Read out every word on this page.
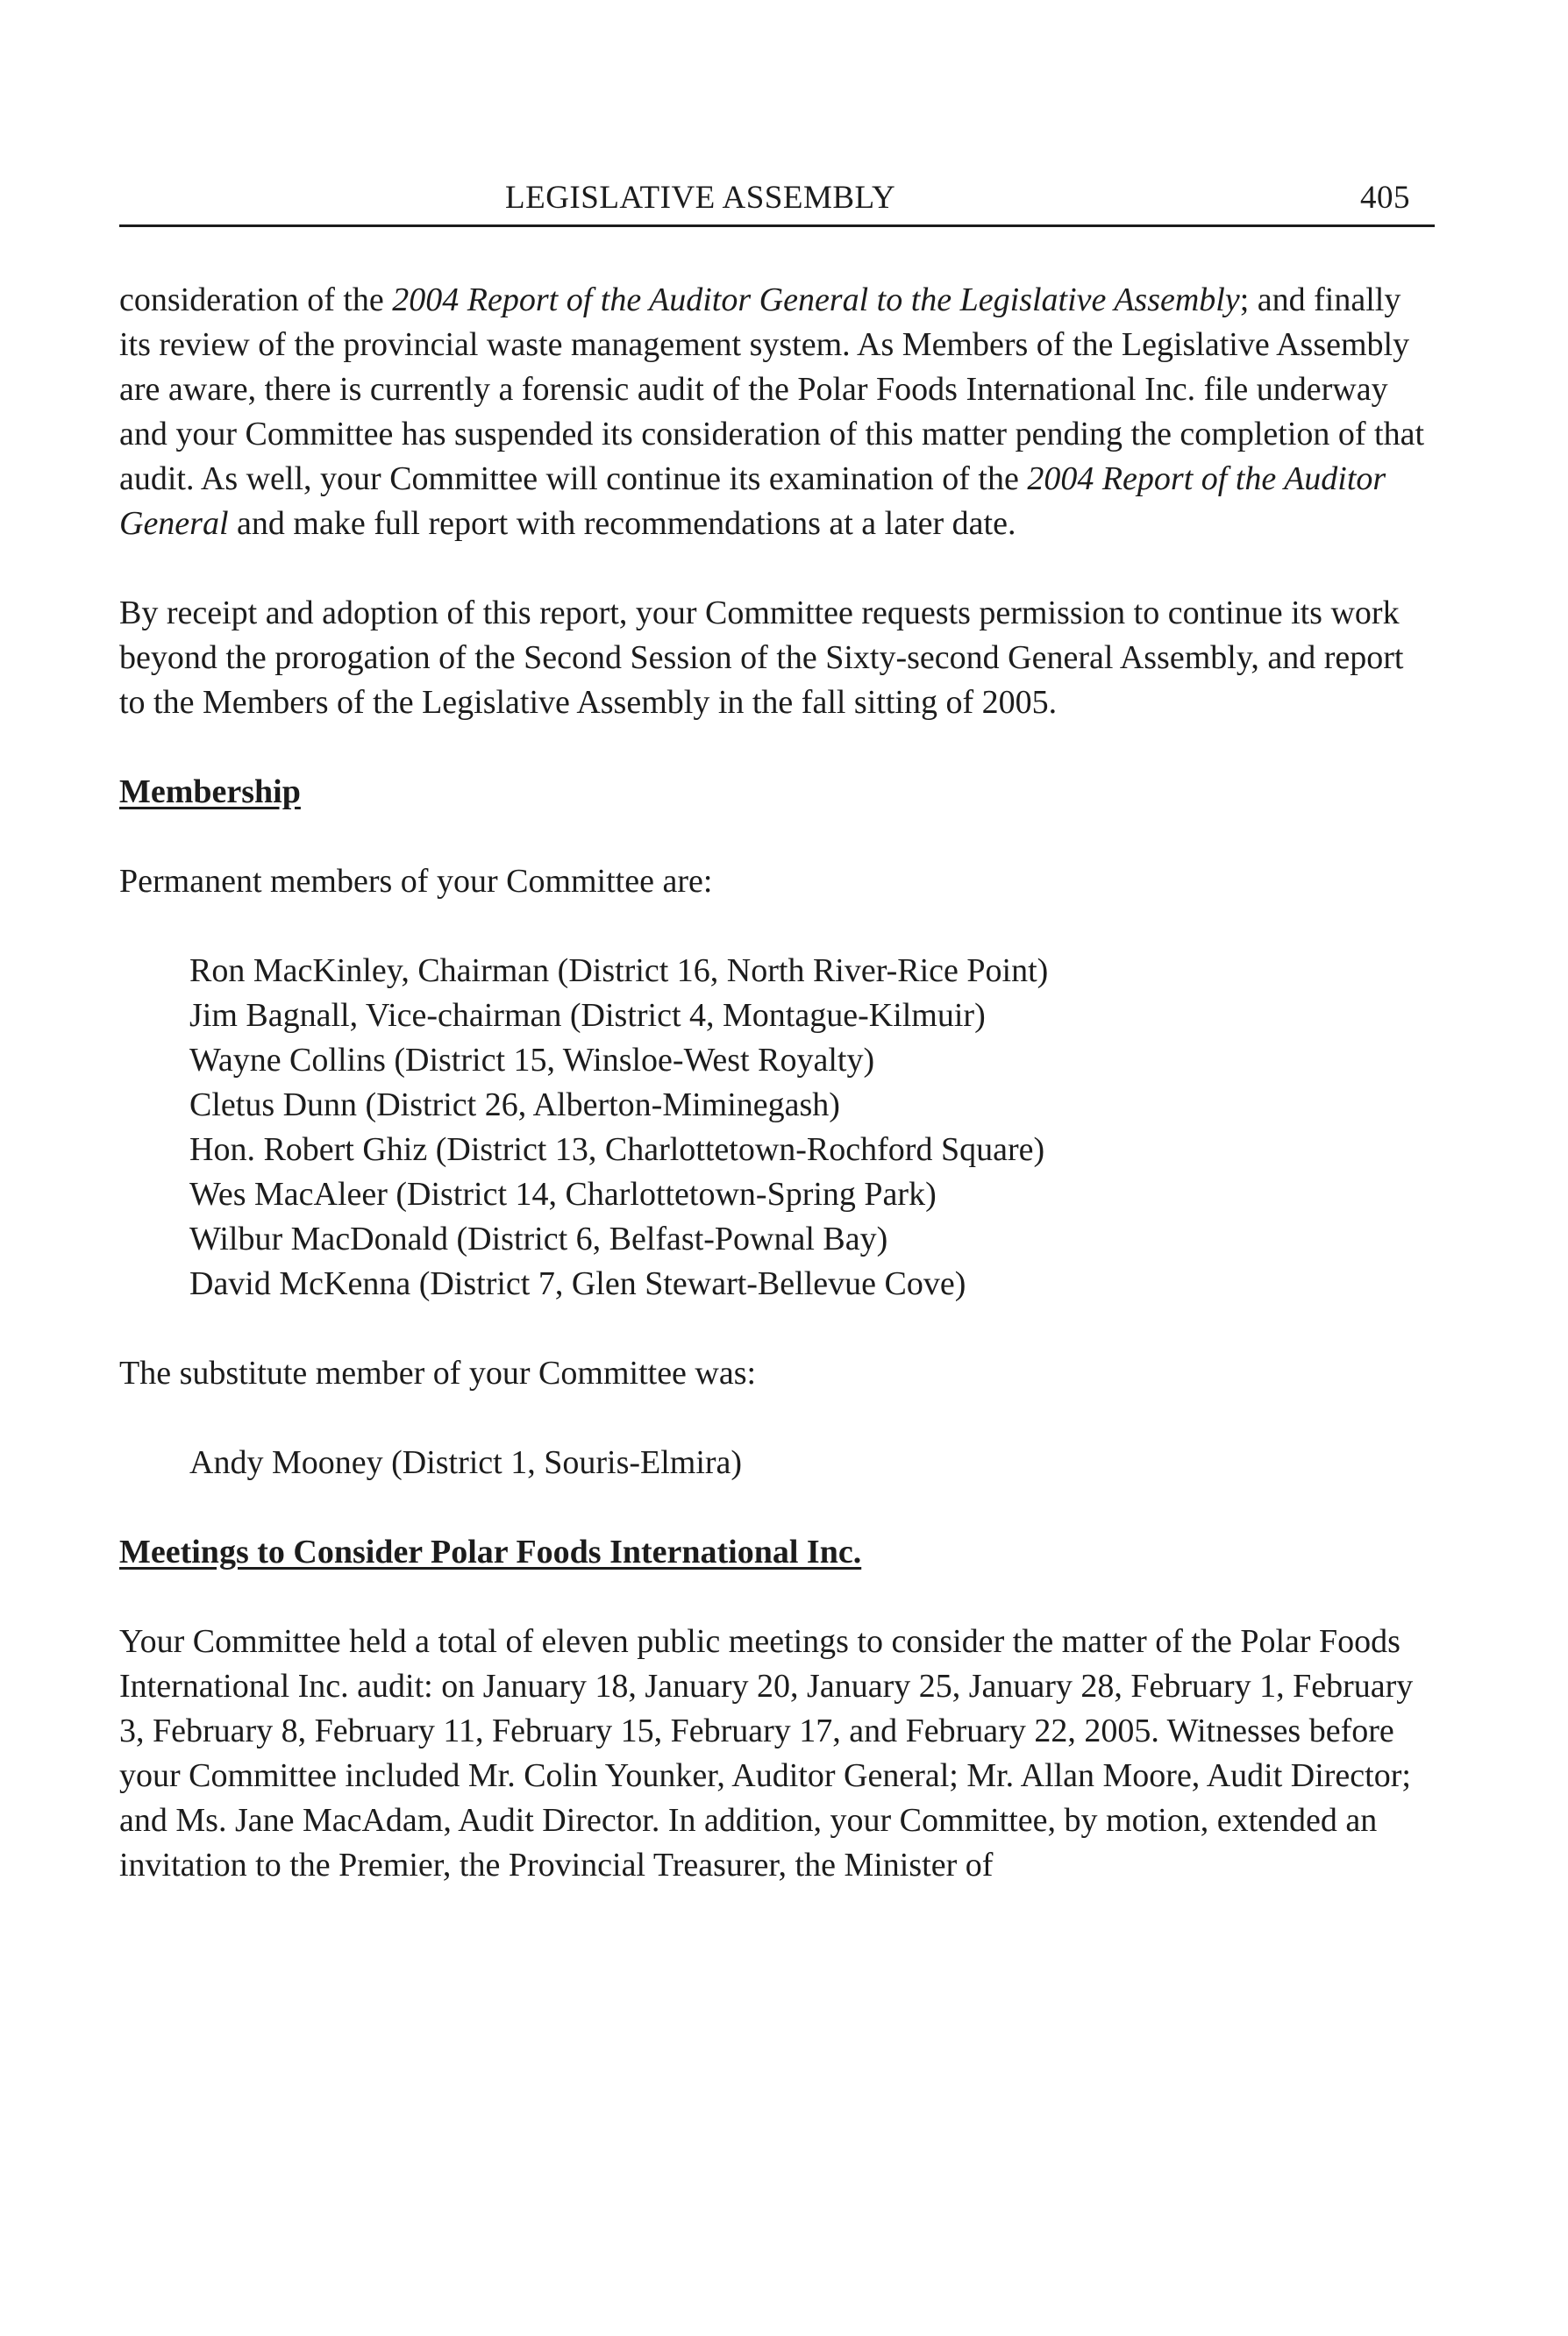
LEGISLATIVE ASSEMBLY	405

consideration of the 2004 Report of the Auditor General to the Legislative Assembly; and finally its review of the provincial waste management system. As Members of the Legislative Assembly are aware, there is currently a forensic audit of the Polar Foods International Inc. file underway and your Committee has suspended its consideration of this matter pending the completion of that audit. As well, your Committee will continue its examination of the 2004 Report of the Auditor General and make full report with recommendations at a later date.

By receipt and adoption of this report, your Committee requests permission to continue its work beyond the prorogation of the Second Session of the Sixty-second General Assembly, and report to the Members of the Legislative Assembly in the fall sitting of 2005.

Membership

Permanent members of your Committee are:

Ron MacKinley, Chairman (District 16, North River-Rice Point)
Jim Bagnall, Vice-chairman (District 4, Montague-Kilmuir)
Wayne Collins (District 15, Winsloe-West Royalty)
Cletus Dunn (District 26, Alberton-Miminegash)
Hon. Robert Ghiz (District 13, Charlottetown-Rochford Square)
Wes MacAleer (District 14, Charlottetown-Spring Park)
Wilbur MacDonald (District 6, Belfast-Pownal Bay)
David McKenna (District 7, Glen Stewart-Bellevue Cove)

The substitute member of your Committee was:

Andy Mooney (District 1, Souris-Elmira)
Meetings to Consider Polar Foods International Inc.

Your Committee held a total of eleven public meetings to consider the matter of the Polar Foods International Inc. audit: on January 18, January 20, January 25, January 28, February 1, February 3, February 8, February 11, February 15, February 17, and February 22, 2005. Witnesses before your Committee included Mr. Colin Younker, Auditor General; Mr. Allan Moore, Audit Director; and Ms. Jane MacAdam, Audit Director. In addition, your Committee, by motion, extended an invitation to the Premier, the Provincial Treasurer, the Minister of
